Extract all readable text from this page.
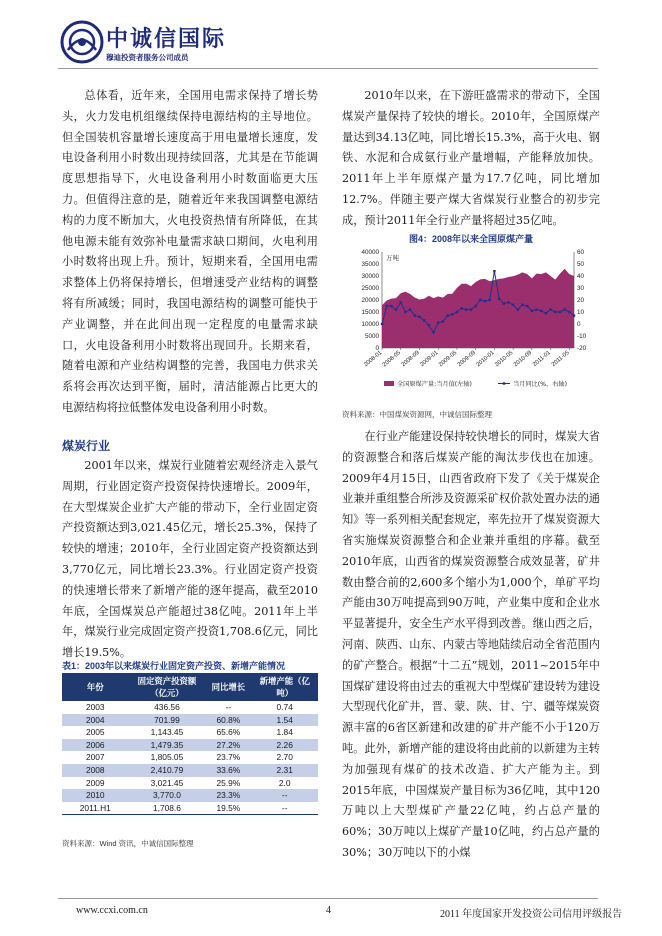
中诚信国际
穆迪投资者服务公司成员
总体看，近年来，全国用电需求保持了增长势头，火力发电机组继续保持电源结构的主导地位。但全国装机容量增长速度高于用电量增长速度，发电设备利用小时数出现持续回落，尤其是在节能调度思想指导下，火电设备利用小时数面临更大压力。但值得注意的是，随着近年来我国调整电源结构的力度不断加大，火电投资热情有所降低，在其他电源未能有效弥补电量需求缺口期间，火电利用小时数将出现上升。预计，短期来看，全国用电需求整体上仍将保持增长，但增速受产业结构的调整将有所减缓；同时，我国电源结构的调整可能快于产业调整，并在此间出现一定程度的电量需求缺口，火电设备利用小时数将出现回升。长期来看，随着电源和产业结构调整的完善，我国电力供求关系将会再次达到平衡，届时，清洁能源占比更大的电源结构将拉低整体发电设备利用小时数。
煤炭行业
2001年以来，煤炭行业随着宏观经济走入景气周期，行业固定资产投资保持快速增长。2009年，在大型煤炭企业扩大产能的带动下，全行业固定资产投资额达到3,021.45亿元，增长25.3%，保持了较快的增速；2010年，全行业固定资产投资额达到3,770亿元，同比增长23.3%。行业固定资产投资的快速增长带来了新增产能的逐年提高，截至2010年底，全国煤炭总产能超过38亿吨。2011年上半年，煤炭行业完成固定资产投资1,708.6亿元，同比增长19.5%。
表1：2003年以来煤炭行业固定资产投资、新增产能情况
年份	固定资产投资额（亿元）	同比增长	新增产能（亿吨）
2003	436.56	--	0.74
2004	701.99	60.8%	1.54
2005	1,143.45	65.6%	1.84
2006	1,479.35	27.2%	2.26
2007	1,805.05	23.7%	2.70
2008	2,410.79	33.6%	2.31
2009	3,021.45	25.9%	2.0
2010	3,770.0	23.3%	--
2011.H1	1,708.6	19.5%	--
资料来源：Wind 资讯，中诚信国际整理
2010年以来，在下游旺盛需求的带动下，全国煤炭产量保持了较快的增长。2010年，全国原煤产量达到34.13亿吨，同比增长15.3%，高于火电、钢铁、水泥和合成氨行业产量增幅，产能释放加快。2011年上半年原煤产量为17.7亿吨，同比增加12.7%。伴随主要产煤大省煤炭行业整合的初步完成，预计2011年全行业产量将超过35亿吨。
图4：2008年以来全国原煤产量
0
5000
10000
15000
20000
25000
30000
35000
40000
-20
-10
0
10
20
30
40
50
60
万吨
2008-01
2008-05
2008-09
2009-01
2009-05
2009-09
2010-01
2010-05
2010-09
2011-01
2011-05
全国原煤产量:当月值(左轴)	当月同比(%，右轴)
资料来源：中国煤炭资源网，中诚信国际整理
在行业产能建设保持较快增长的同时，煤炭大省的资源整合和落后煤炭产能的淘汰步伐也在加速。2009年4月15日，山西省政府下发了《关于煤炭企业兼并重组整合所涉及资源采矿权价款处置办法的通知》等一系列相关配套规定，率先拉开了煤炭资源大省实施煤炭资源整合和企业兼并重组的序幕。截至2010年底，山西省的煤炭资源整合成效显著，矿井数由整合前的2,600多个缩小为1,000个，单矿平均产能由30万吨提高到90万吨，产业集中度和企业水平显著提升，安全生产水平得到改善。继山西之后，河南、陕西、山东、内蒙古等地陆续启动全省范围内的矿产整合。根据“十二五”规划，2011~2015年中国煤矿建设将由过去的重视大中型煤矿建设转为建设大型现代化矿井，晋、蒙、陕、甘、宁、疆等煤炭资源丰富的6省区新建和改建的矿井产能不小于120万吨。此外，新增产能的建设将由此前的以新建为主转为加强现有煤矿的技术改造、扩大产能为主。到2015年底，中国煤炭产量目标为36亿吨，其中120万吨以上大型煤矿产量22亿吨，约占总产量的60%；30万吨以上煤矿产量10亿吨，约占总产量的30%；30万吨以下的小煤
www.ccxi.com.cn	4	2011 年度国家开发投资公司信用评级报告
